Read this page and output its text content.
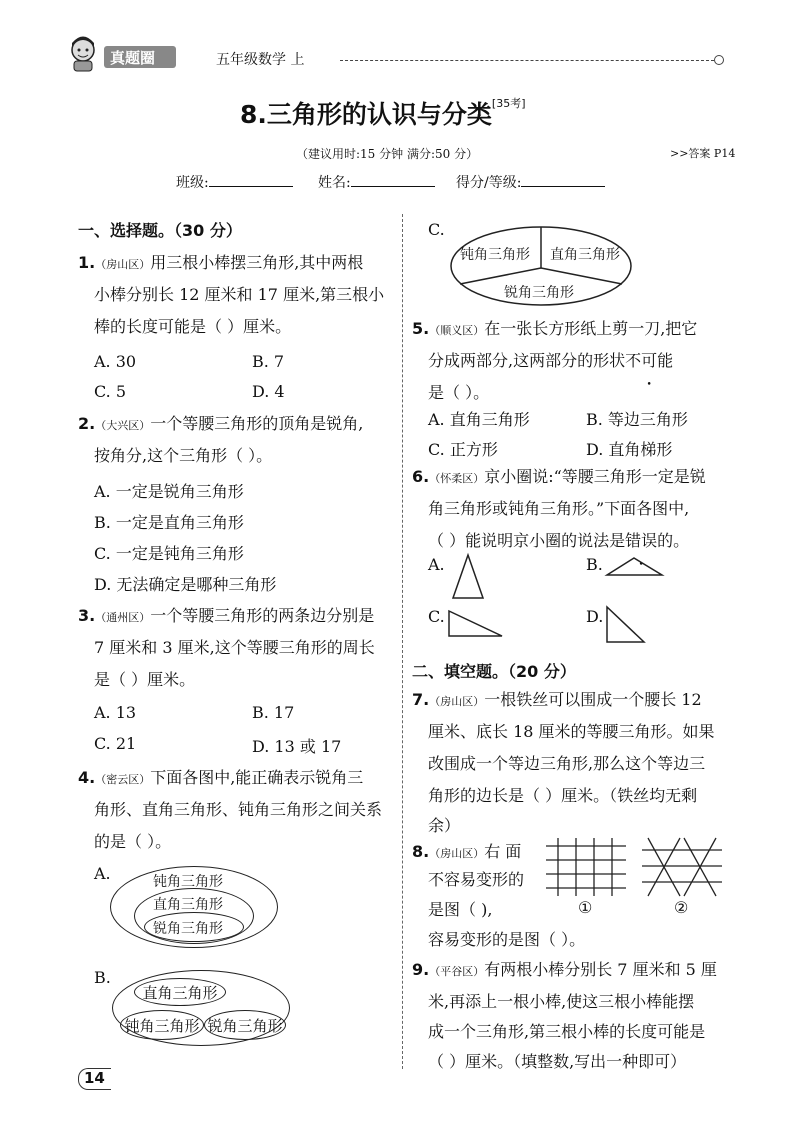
真题圈	五年级数学 上
8.三角形的认识与分类[35考]
（建议用时:15 分钟 满分:50 分）	>>答案 P14
班级:	姓名:	得分/等级:
一、选择题。（30 分）
1.（房山区）用三根小棒摆三角形,其中两根
小棒分别长 12 厘米和 17 厘米,第三根小
棒的长度可能是（ ）厘米。
A. 30	B. 7
C. 5	D. 4
2.（大兴区）一个等腰三角形的顶角是锐角,
按角分,这个三角形（ ）。
A. 一定是锐角三角形
B. 一定是直角三角形
C. 一定是钝角三角形
D. 无法确定是哪种三角形
3.（通州区）一个等腰三角形的两条边分别是
7 厘米和 3 厘米,这个等腰三角形的周长
是（ ）厘米。
A. 13	B. 17
C. 21	D. 13 或 17
4.（密云区）下面各图中,能正确表示锐角三
角形、直角三角形、钝角三角形之间关系
的是（ ）。
A.	钝角三角形
直角三角形
锐角三角形
B.
直角三角形
钝角三角形 锐角三角形
C.
钝角三角形 直角三角形
锐角三角形
5.（顺义区）在一张长方形纸上剪一刀,把它
分成两部分,这两部分的形状不可能
是（ ）。
A. 直角三角形	B. 等边三角形
C. 正方形	D. 直角梯形
6.（怀柔区）京小圈说:“等腰三角形一定是锐
角三角形或钝角三角形。”下面各图中,
（ ）能说明京小圈的说法是错误的。
A.	B.
C.	D.
二、填空题。（20 分）
7.（房山区）一根铁丝可以围成一个腰长 12
厘米、底长 18 厘米的等腰三角形。如果
改围成一个等边三角形,那么这个等边三
角形的边长是（ ）厘米。（铁丝均无剩
余）
8.（房山区）右 面
不容易变形的
是图（ ),
容易变形的是图（ ）。
①	②
9.（平谷区）有两根小棒分别长 7 厘米和 5 厘
米,再添上一根小棒,使这三根小棒能摆
成一个三角形,第三根小棒的长度可能是
（ ）厘米。（填整数,写出一种即可）
14
